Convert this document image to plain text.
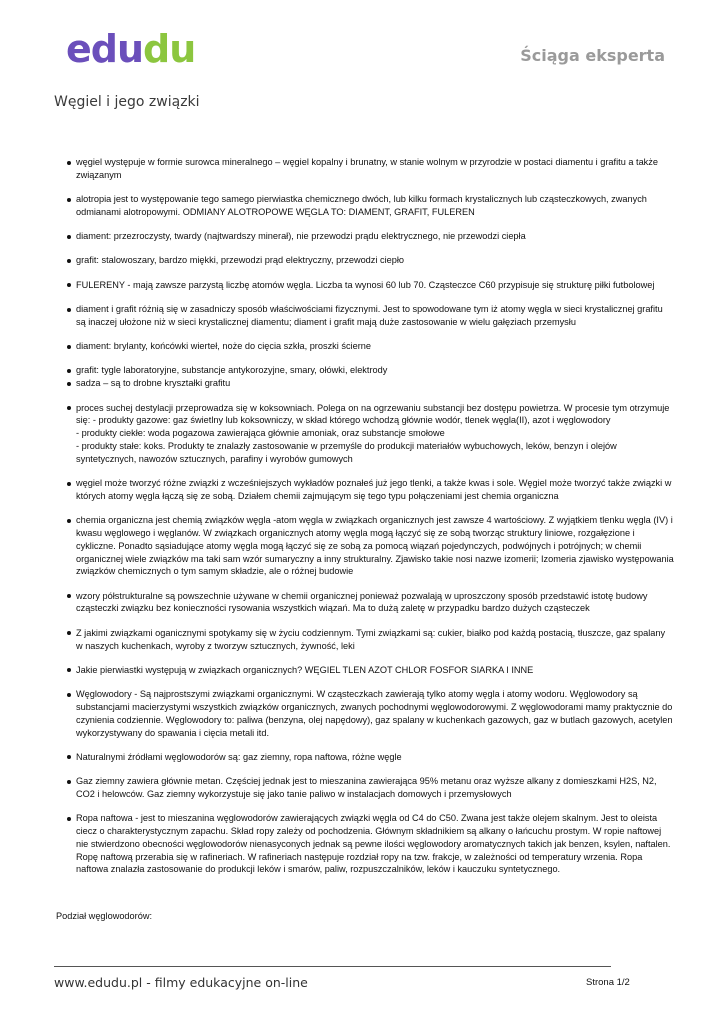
edudu	Ściąga eksperta
Węgiel i jego związki
węgiel występuje w formie surowca mineralnego – węgiel kopalny i brunatny, w stanie wolnym w przyrodzie w postaci diamentu i grafitu a także związanym
alotropia jest to występowanie tego samego pierwiastka chemicznego dwóch, lub kilku formach krystalicznych lub cząsteczkowych, zwanych odmianami alotropowymi. ODMIANY ALOTROPOWE WĘGLA TO: DIAMENT, GRAFIT, FULEREN
diament: przezroczysty, twardy (najtwardszy minerał), nie przewodzi prądu elektrycznego, nie przewodzi ciepła
grafit: stalowoszary, bardzo miękki, przewodzi prąd elektryczny, przewodzi ciepło
FULERENY - mają zawsze parzystą liczbę atomów węgla. Liczba ta wynosi 60 lub 70. Cząsteczce C60 przypisuje się strukturę piłki futbolowej
diament i grafit różnią się w zasadniczy sposób właściwościami fizycznymi. Jest to spowodowane tym iż atomy węgla w sieci krystalicznej grafitu są inaczej ułożone niż w sieci krystalicznej diamentu; diament i grafit mają duże zastosowanie w wielu gałęziach przemysłu
diament: brylanty, końcówki wierteł, noże do cięcia szkła, proszki ścierne
grafit: tygle laboratoryjne, substancje antykorozyjne, smary, ołówki, elektrody
sadza – są to drobne kryształki grafitu
proces suchej destylacji przeprowadza się w koksowniach. Polega on na ogrzewaniu substancji bez dostępu powietrza. W procesie tym otrzymuje się: - produkty gazowe: gaz świetlny lub koksowniczy, w skład którego wchodzą głównie wodór, tlenek węgla(II), azot i węglowodory
- produkty ciekłe: woda pogazowa zawierająca głównie amoniak, oraz substancje smołowe
- produkty stałe: koks. Produkty te znalazły zastosowanie w przemyśle do produkcji materiałów wybuchowych, leków, benzyn i olejów syntetycznych, nawozów sztucznych, parafiny i wyrobów gumowych
węgiel może tworzyć różne związki z wcześniejszych wykładów poznałeś już jego tlenki, a także kwas i sole. Węgiel może tworzyć także związki w których atomy węgla łączą się ze sobą. Działem chemii zajmującym się tego typu połączeniami jest chemia organiczna
chemia organiczna jest chemią związków węgla -atom węgla w związkach organicznych jest zawsze 4 wartościowy. Z wyjątkiem tlenku węgla (IV) i kwasu węglowego i węglanów. W związkach organicznych atomy węgla mogą łączyć się ze sobą tworząc struktury liniowe, rozgałęzione i cykliczne. Ponadto sąsiadujące atomy węgla mogą łączyć się ze sobą za pomocą wiązań pojedynczych, podwójnych i potrójnych; w chemii organicznej wiele związków ma taki sam wzór sumaryczny a inny strukturalny. Zjawisko takie nosi nazwe izomerii; Izomeria zjawisko występowania związków chemicznych o tym samym składzie, ale o różnej budowie
wzory półstrukturalne są powszechnie używane w chemii organicznej ponieważ pozwalają w uproszczony sposób przedstawić istotę budowy cząsteczki związku bez konieczności rysowania wszystkich wiązań. Ma to dużą zaletę w przypadku bardzo dużych cząsteczek
Z jakimi związkami oganicznymi spotykamy się w życiu codziennym. Tymi związkami są: cukier, białko pod każdą postacią, tłuszcze, gaz spalany w naszych kuchenkach, wyroby z tworzyw sztucznych, żywność, leki
Jakie pierwiastki występują w związkach organicznych? WĘGIEL TLEN AZOT CHLOR FOSFOR SIARKA I INNE
Węglowodory - Są najprostszymi związkami organicznymi. W cząsteczkach zawierają tylko atomy węgla i atomy wodoru. Węglowodory są substancjami macierzystymi wszystkich związków organicznych, zwanych pochodnymi węglowodorowymi. Z węglowodorami mamy praktycznie do czynienia codziennie. Węglowodory to: paliwa (benzyna, olej napędowy), gaz spalany w kuchenkach gazowych, gaz w butlach gazowych, acetylen wykorzystywany do spawania i cięcia metali itd.
Naturalnymi źródłami węglowodorów są: gaz ziemny, ropa naftowa, różne węgle
Gaz ziemny zawiera głównie metan. Częściej jednak jest to mieszanina zawierająca 95% metanu oraz wyższe alkany z domieszkami H2S, N2, CO2 i helowców. Gaz ziemny wykorzystuje się jako tanie paliwo w instalacjach domowych i przemysłowych
Ropa naftowa - jest to mieszanina węglowodorów zawierających związki węgla od C4 do C50. Zwana jest także olejem skalnym. Jest to oleista ciecz o charakterystycznym zapachu. Skład ropy zależy od pochodzenia. Głównym składnikiem są alkany o łańcuchu prostym. W ropie naftowej nie stwierdzono obecności węglowodorów nienasyconych jednak są pewne ilości węglowodory aromatycznych takich jak benzen, ksylen, naftalen. Ropę naftową przerabia się w rafineriach. W rafineriach następuje rozdział ropy na tzw. frakcje, w zależności od temperatury wrzenia. Ropa naftowa znalazła zastosowanie do produkcji leków i smarów, paliw, rozpuszczalników, leków i kauczuku syntetycznego.
Podział węglowodorów:
www.edudu.pl - filmy edukacyjne on-line	Strona 1/2
